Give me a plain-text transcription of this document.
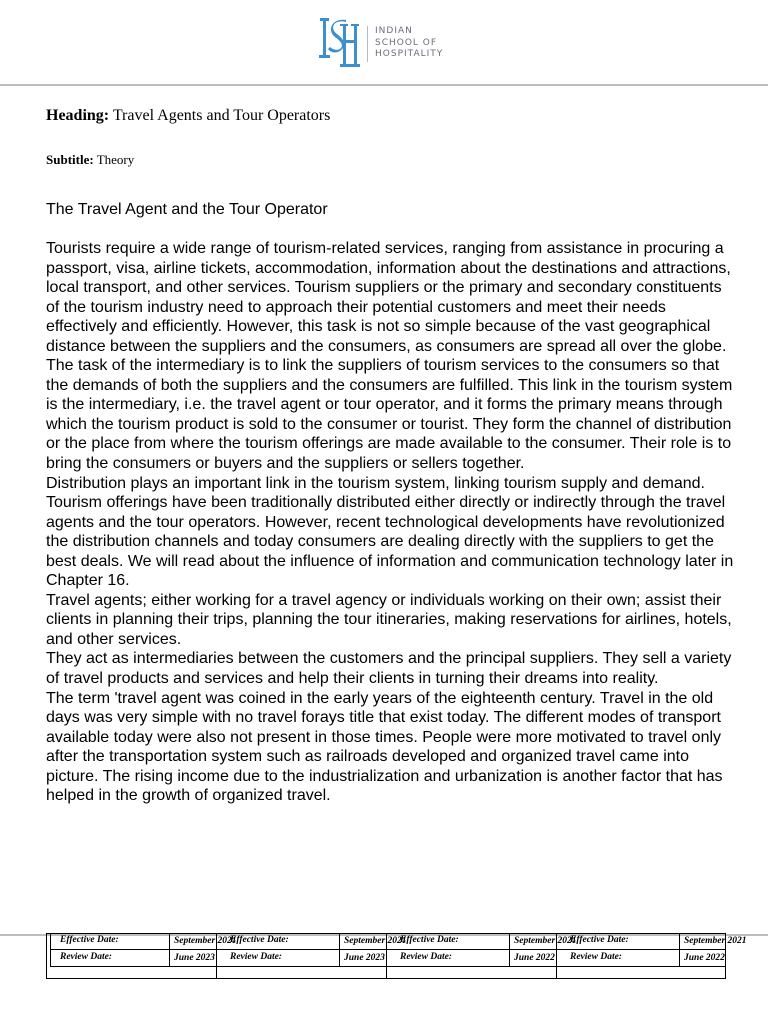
INDIAN
SCHOOL OF
HOSPITALITY
Heading: Travel Agents and Tour Operators
Subtitle: Theory
The Travel Agent and the Tour Operator

Tourists require a wide range of tourism-related services, ranging from assistance in procuring a passport, visa, airline tickets, accommodation, information about the destinations and attractions, local transport, and other services. Tourism suppliers or the primary and secondary constituents of the tourism industry need to approach their potential customers and meet their needs effectively and efficiently. However, this task is not so simple because of the vast geographical distance between the suppliers and the consumers, as consumers are spread all over the globe. The task of the intermediary is to link the suppliers of tourism services to the consumers so that the demands of both the suppliers and the consumers are fulfilled. This link in the tourism system is the intermediary, i.e. the travel agent or tour operator, and it forms the primary means through which the tourism product is sold to the consumer or tourist. They form the channel of distribution or the place from where the tourism offerings are made available to the consumer. Their role is to bring the consumers or buyers and the suppliers or sellers together.

Distribution plays an important link in the tourism system, linking tourism supply and demand. Tourism offerings have been traditionally distributed either directly or indirectly through the travel agents and the tour operators. However, recent technological developments have revolutionized the distribution channels and today consumers are dealing directly with the suppliers to get the best deals. We will read about the influence of information and communication technology later in Chapter 16.

Travel agents; either working for a travel agency or individuals working on their own; assist their clients in planning their trips, planning the tour itineraries, making reservations for airlines, hotels, and other services.

They act as intermediaries between the customers and the principal suppliers. They sell a variety of travel products and services and help their clients in turning their dreams into reality.

The term 'travel agent was coined in the early years of the eighteenth century. Travel in the old days was very simple with no travel forays title that exist today. The different modes of transport available today were also not present in those times. People were more motivated to travel only after the transportation system such as railroads developed and organized travel came into picture. The rising income due to the industrialization and urbanization is another factor that has helped in the growth of organized travel.

Effective Date:	September 2021
Review Date:	June 2023
Effective Date:	September 2021
Review Date:	June 2023
Effective Date:	September 2021
Review Date:	June 2022
Effective Date:	September 2021
Review Date:	June 2022
